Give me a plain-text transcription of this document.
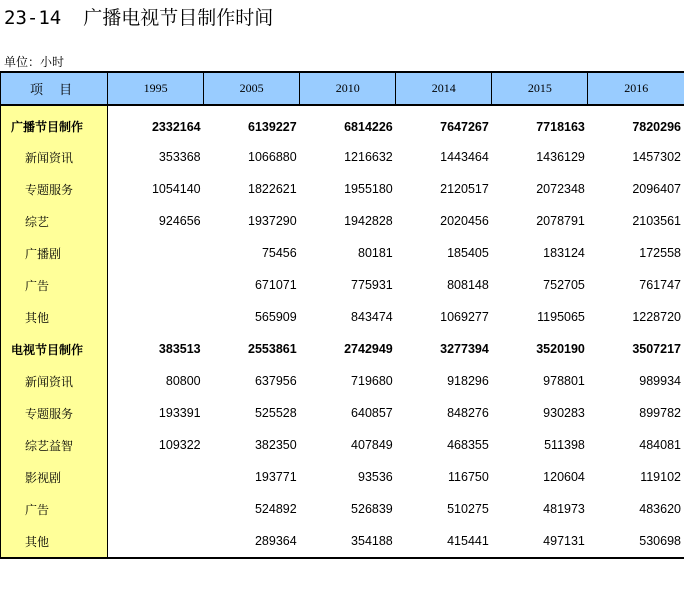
23-14 广播电视节目制作时间
单位：小时
项 目	1995	2005	2010	2014	2015	2016
广播节目制作	2332164	6139227	6814226	7647267	7718163	7820296
新闻资讯	353368	1066880	1216632	1443464	1436129	1457302
专题服务	1054140	1822621	1955180	2120517	2072348	2096407
综艺	924656	1937290	1942828	2020456	2078791	2103561
广播剧		75456	80181	185405	183124	172558
广告		671071	775931	808148	752705	761747
其他		565909	843474	1069277	1195065	1228720
电视节目制作	383513	2553861	2742949	3277394	3520190	3507217
新闻资讯	80800	637956	719680	918296	978801	989934
专题服务	193391	525528	640857	848276	930283	899782
综艺益智	109322	382350	407849	468355	511398	484081
影视剧		193771	93536	116750	120604	119102
广告		524892	526839	510275	481973	483620
其他		289364	354188	415441	497131	530698
